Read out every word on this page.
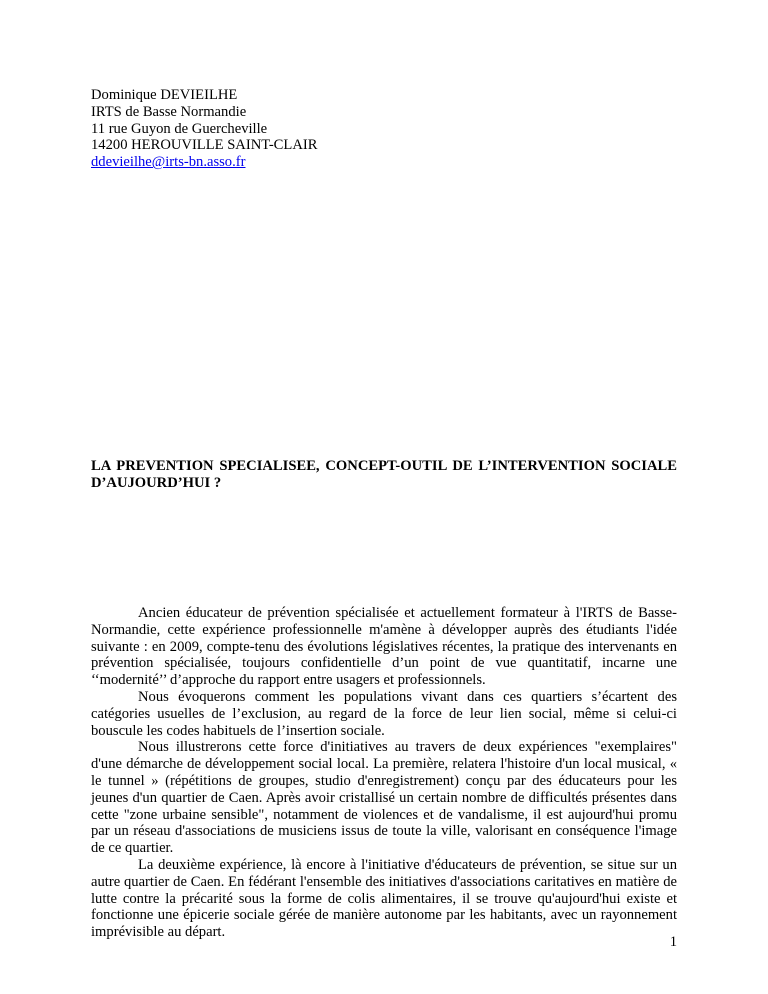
Dominique DEVIEILHE
IRTS de Basse Normandie
11 rue Guyon de Guercheville
14200 HEROUVILLE SAINT-CLAIR
ddevieilhe@irts-bn.asso.fr
LA PREVENTION SPECIALISEE, CONCEPT-OUTIL DE L’INTERVENTION SOCIALE D’AUJOURD’HUI ?

Ancien éducateur de prévention spécialisée et actuellement formateur à l'IRTS de Basse-Normandie, cette expérience professionnelle m'amène à développer auprès des étudiants l'idée suivante : en 2009, compte-tenu des évolutions législatives récentes, la pratique des intervenants en prévention spécialisée, toujours confidentielle d’un point de vue quantitatif, incarne une ‘‘modernité’’ d’approche du rapport entre usagers et professionnels.

Nous évoquerons comment les populations vivant dans ces quartiers s’écartent des catégories usuelles de l’exclusion, au regard de la force de leur lien social, même si celui-ci bouscule les codes habituels de l’insertion sociale.

Nous illustrerons cette force d'initiatives au travers de deux expériences "exemplaires" d'une démarche de développement social local. La première, relatera l'histoire d'un local musical, « le tunnel » (répétitions de groupes, studio d'enregistrement) conçu par des éducateurs pour les jeunes d'un quartier de Caen. Après avoir cristallisé un certain nombre de difficultés présentes dans cette "zone urbaine sensible", notamment de violences et de vandalisme, il est aujourd'hui promu par un réseau d'associations de musiciens issus de toute la ville, valorisant en conséquence l'image de ce quartier.

La deuxième expérience, là encore à l'initiative d'éducateurs de prévention, se situe sur un autre quartier de Caen. En fédérant l'ensemble des initiatives d'associations caritatives en matière de lutte contre la précarité sous la forme de colis alimentaires, il se trouve qu'aujourd'hui existe et fonctionne une épicerie sociale gérée de manière autonome par les habitants, avec un rayonnement imprévisible au départ.

1
